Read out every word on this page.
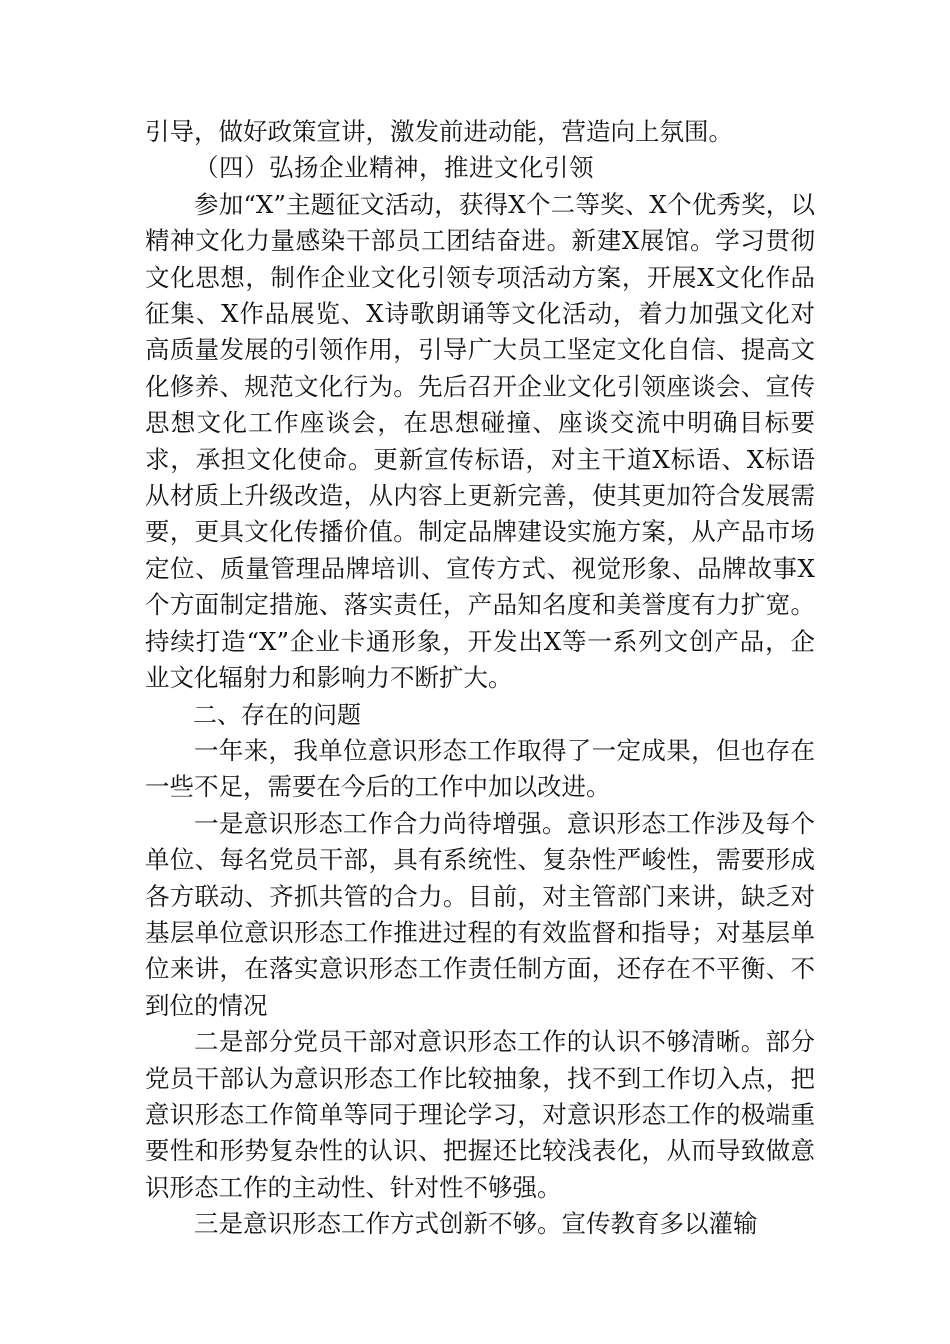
引导，做好政策宣讲，激发前进动能，营造向上氛围。

（四）弘扬企业精神，推进文化引领

参加“X”主题征文活动，获得X个二等奖、X个优秀奖，以精神文化力量感染干部员工团结奋进。新建X展馆。学习贯彻文化思想，制作企业文化引领专项活动方案，开展X文化作品征集、X作品展览、X诗歌朗诵等文化活动，着力加强文化对高质量发展的引领作用，引导广大员工坚定文化自信、提高文化修养、规范文化行为。先后召开企业文化引领座谈会、宣传思想文化工作座谈会，在思想碰撞、座谈交流中明确目标要求，承担文化使命。更新宣传标语，对主干道X标语、X标语从材质上升级改造，从内容上更新完善，使其更加符合发展需要，更具文化传播价值。制定品牌建设实施方案，从产品市场定位、质量管理品牌培训、宣传方式、视觉形象、品牌故事X个方面制定措施、落实责任，产品知名度和美誉度有力扩宽。持续打造“X”企业卡通形象，开发出X等一系列文创产品，企业文化辐射力和影响力不断扩大。

二、存在的问题

一年来，我单位意识形态工作取得了一定成果，但也存在一些不足，需要在今后的工作中加以改进。

一是意识形态工作合力尚待增强。意识形态工作涉及每个单位、每名党员干部，具有系统性、复杂性严峻性，需要形成各方联动、齐抓共管的合力。目前，对主管部门来讲，缺乏对基层单位意识形态工作推进过程的有效监督和指导；对基层单位来讲，在落实意识形态工作责任制方面，还存在不平衡、不到位的情况

二是部分党员干部对意识形态工作的认识不够清晰。部分党员干部认为意识形态工作比较抽象，找不到工作切入点，把意识形态工作简单等同于理论学习，对意识形态工作的极端重要性和形势复杂性的认识、把握还比较浅表化，从而导致做意识形态工作的主动性、针对性不够强。

三是意识形态工作方式创新不够。宣传教育多以灌输
